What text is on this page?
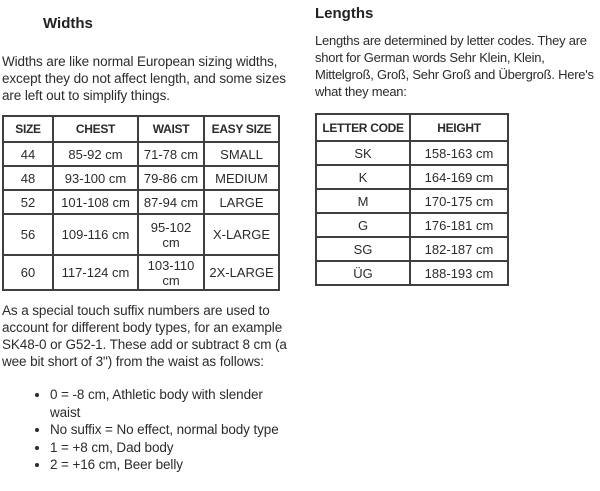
Widths

Widths are like normal European sizing widths, except they do not affect length, and some sizes are left out to simplify things.

SIZE	CHEST	WAIST	EASY SIZE
44	85-92 cm	71-78 cm	SMALL
48	93-100 cm	79-86 cm	MEDIUM
52	101-108 cm	87-94 cm	LARGE
56	109-116 cm	95-102 cm	X-LARGE
60	117-124 cm	103-110 cm	2X-LARGE

As a special touch suffix numbers are used to account for different body types, for an example SK48-0 or G52-1. These add or subtract 8 cm (a wee bit short of 3") from the waist as follows:

• 0 = -8 cm, Athletic body with slender waist
• No suffix = No effect, normal body type
• 1 = +8 cm, Dad body
• 2 = +16 cm, Beer belly
Lengths

Lengths are determined by letter codes. They are short for German words Sehr Klein, Klein, Mittelgroß, Groß, Sehr Groß and Übergroß. Here's what they mean:

LETTER CODE	HEIGHT
SK	158-163 cm
K	164-169 cm
M	170-175 cm
G	176-181 cm
SG	182-187 cm
ÜG	188-193 cm
